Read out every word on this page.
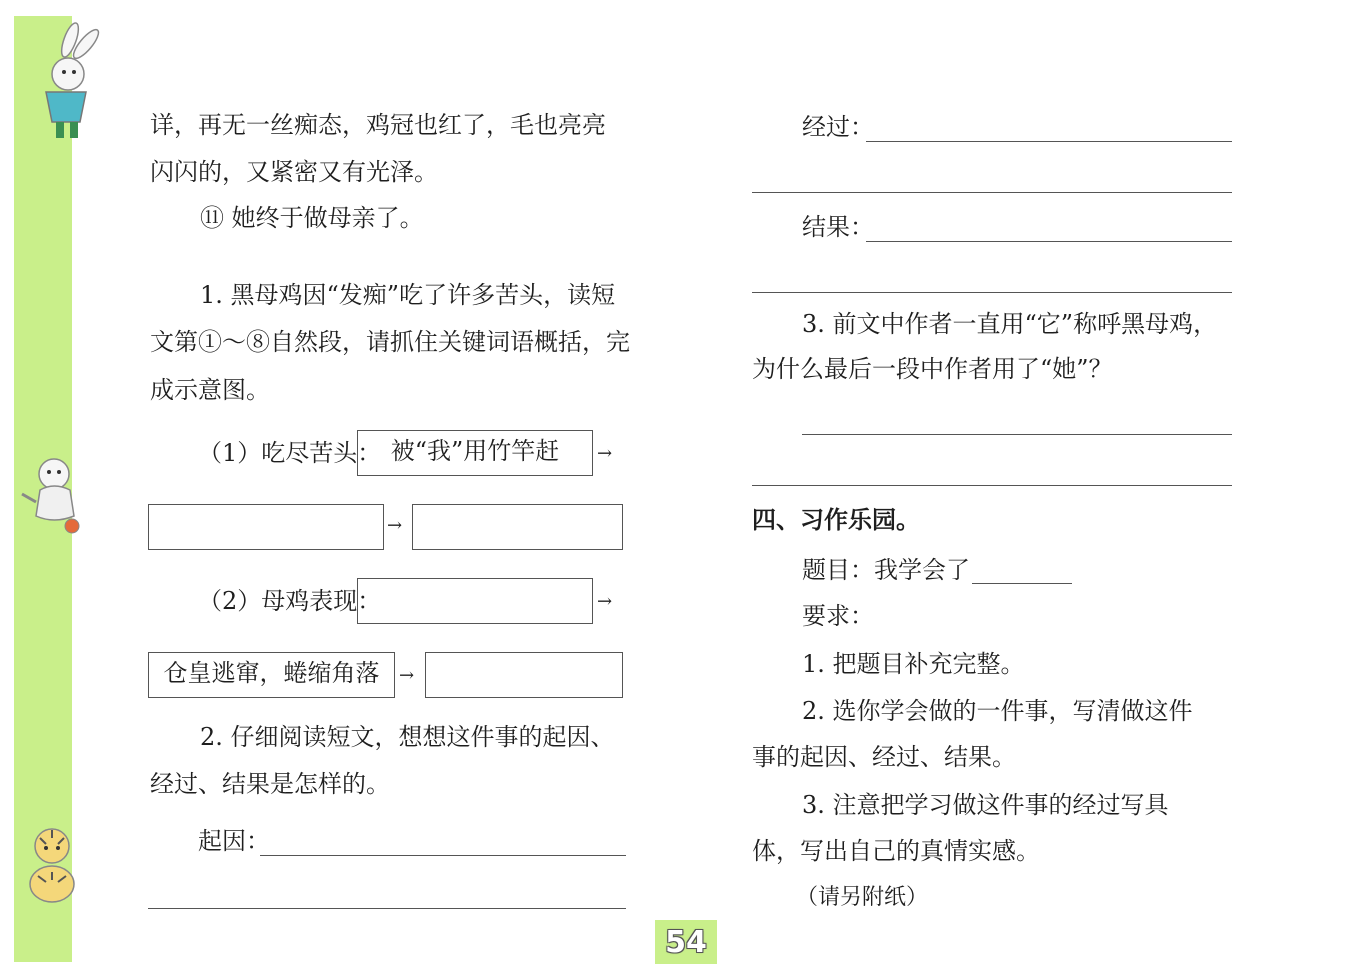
详，再无一丝痴态，鸡冠也红了，毛也亮亮
闪闪的，又紧密又有光泽。
⑪ 她终于做母亲了。
1. 黑母鸡因“发痴”吃了许多苦头，读短
文第①～⑧自然段，请抓住关键词语概括，完
成示意图。
（1）吃尽苦头： 被“我”用竹竿赶	→
→
（2）母鸡表现：	→
仓皇逃窜，蜷缩角落	→
2. 仔细阅读短文，想想这件事的起因、
经过、结果是怎样的。
起因：
经过：
结果：
3. 前文中作者一直用“它”称呼黑母鸡，
为什么最后一段中作者用了“她”？
四、习作乐园。
题目：我学会了
要求：
1. 把题目补充完整。
2. 选你学会做的一件事，写清做这件
事的起因、经过、结果。
3. 注意把学习做这件事的经过写具
体，写出自己的真情实感。
（请另附纸）
54
